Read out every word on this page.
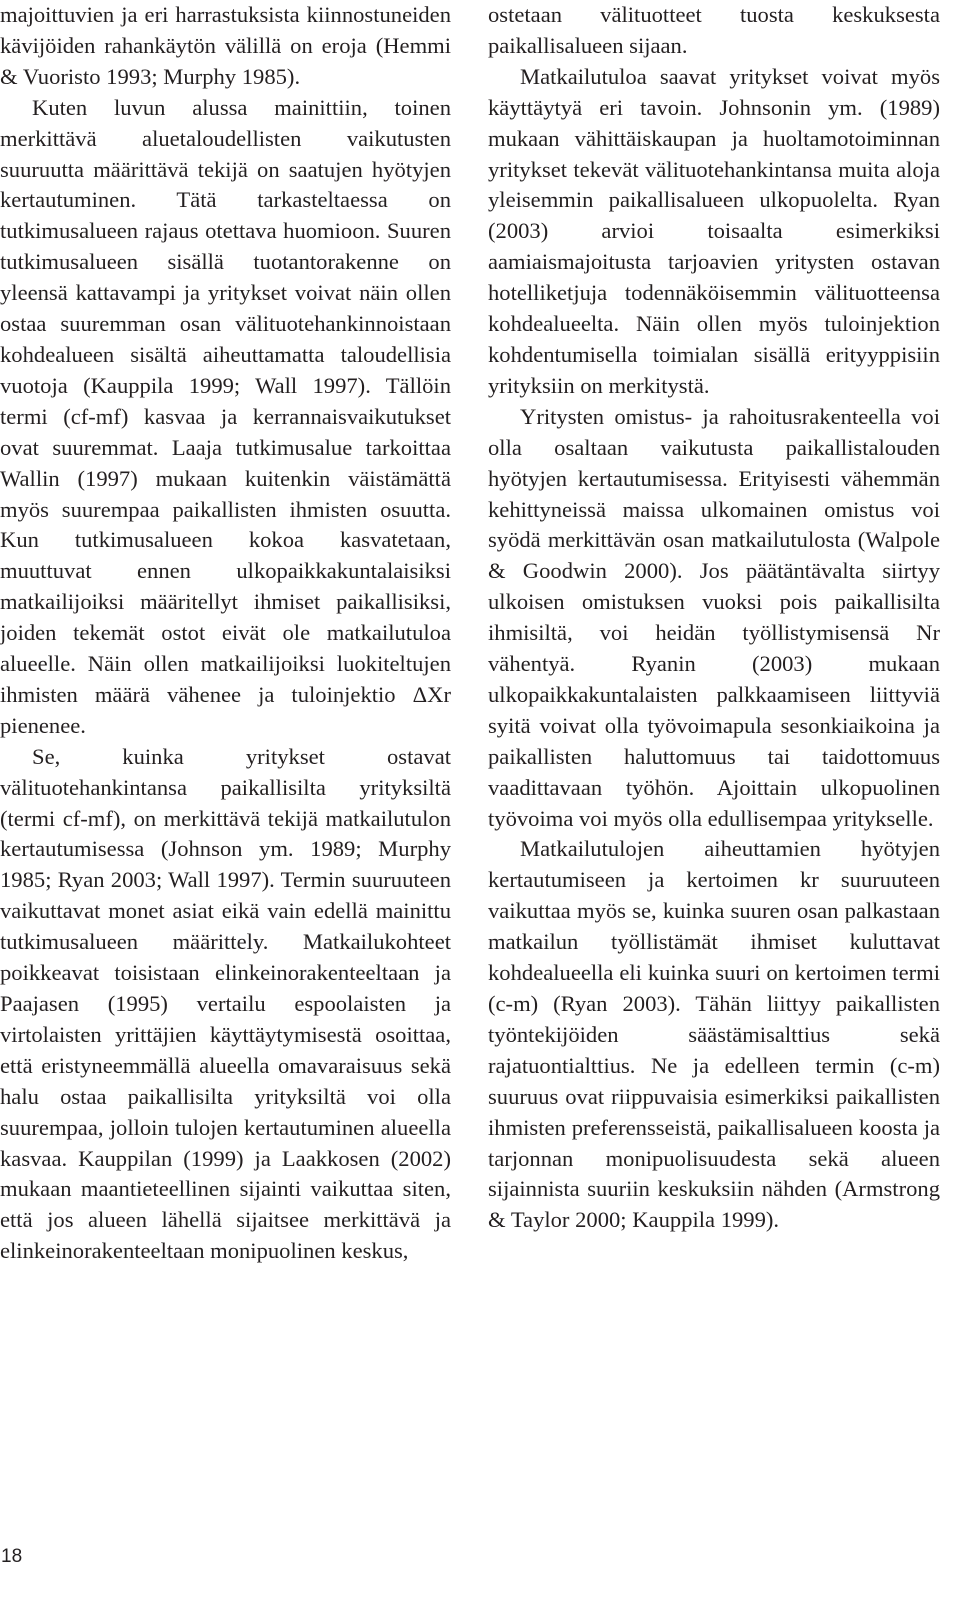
majoittuvien ja eri harrastuksista kiinnostuneiden kävijöiden rahankäytön välillä on eroja (Hemmi & Vuoristo 1993; Murphy 1985).

Kuten luvun alussa mainittiin, toinen merkittävä aluetaloudellisten vaikutusten suuruutta määrittävä tekijä on saatujen hyötyjen kertautuminen. Tätä tarkasteltaessa on tutkimusalueen rajaus otettava huomioon. Suuren tutkimusalueen sisällä tuotantorakenne on yleensä kattavampi ja yritykset voivat näin ollen ostaa suuremman osan välituotehankinnoistaan kohdealueen sisältä aiheuttamatta taloudellisia vuotoja (Kauppila 1999; Wall 1997). Tällöin termi (cf-mf) kasvaa ja kerrannaisvaikutukset ovat suuremmat. Laaja tutkimusalue tarkoittaa Wallin (1997) mukaan kuitenkin väistämättä myös suurempaa paikallisten ihmisten osuutta. Kun tutkimusalueen kokoa kasvatetaan, muuttuvat ennen ulkopaikkakuntalaisiksi matkailijoiksi määritellyt ihmiset paikallisiksi, joiden tekemät ostot eivät ole matkailutuloa alueelle. Näin ollen matkailijoiksi luokiteltujen ihmisten määrä vähenee ja tuloinjektio ΔXr pienenee.

Se, kuinka yritykset ostavat välituotehankintansa paikallisilta yrityksiltä (termi cf-mf), on merkittävä tekijä matkailutulon kertautumisessa (Johnson ym. 1989; Murphy 1985; Ryan 2003; Wall 1997). Termin suuruuteen vaikuttavat monet asiat eikä vain edellä mainittu tutkimusalueen määrittely. Matkailukohteet poikkeavat toisistaan elinkeinorakenteeltaan ja Paajasen (1995) vertailu espoolaisten ja virtolaisten yrittäjien käyttäytymisestä osoittaa, että eristyneemmällä alueella omavaraisuus sekä halu ostaa paikallisilta yrityksiltä voi olla suurempaa, jolloin tulojen kertautuminen alueella kasvaa. Kauppilan (1999) ja Laakkosen (2002) mukaan maantieteellinen sijainti vaikuttaa siten, että jos alueen lähellä sijaitsee merkittävä ja elinkeinorakenteeltaan monipuolinen keskus,

ostetaan välituotteet tuosta keskuksesta paikallisalueen sijaan.

Matkailutuloa saavat yritykset voivat myös käyttäytyä eri tavoin. Johnsonin ym. (1989) mukaan vähittäiskaupan ja huoltamotoiminnan yritykset tekevät välituotehankintansa muita aloja yleisemmin paikallisalueen ulkopuolelta. Ryan (2003) arvioi toisaalta esimerkiksi aamiaismajoitusta tarjoavien yritysten ostavan hotelliketjuja todennäköisemmin välituotteensa kohdealueelta. Näin ollen myös tuloinjektion kohdentumisella toimialan sisällä erityyppisiin yrityksiin on merkitystä.

Yritysten omistus- ja rahoitusrakenteella voi olla osaltaan vaikutusta paikallistalouden hyötyjen kertautumisessa. Erityisesti vähemmän kehittyneissä maissa ulkomainen omistus voi syödä merkittävän osan matkailutulosta (Walpole & Goodwin 2000). Jos päätäntävalta siirtyy ulkoisen omistuksen vuoksi pois paikallisilta ihmisiltä, voi heidän työllistymisensä Nr vähentyä. Ryanin (2003) mukaan ulkopaikkakuntalaisten palkkaamiseen liittyviä syitä voivat olla työvoimapula sesonkiaikoina ja paikallisten haluttomuus tai taidottomuus vaadittavaan työhön. Ajoittain ulkopuolinen työvoima voi myös olla edullisempaa yritykselle.

Matkailutulojen aiheuttamien hyötyjen kertautumiseen ja kertoimen kr suuruuteen vaikuttaa myös se, kuinka suuren osan palkastaan matkailun työllistämät ihmiset kuluttavat kohdealueella eli kuinka suuri on kertoimen termi (c-m) (Ryan 2003). Tähän liittyy paikallisten työntekijöiden säästämisalttius sekä rajatuontialttius. Ne ja edelleen termin (c-m) suuruus ovat riippuvaisia esimerkiksi paikallisten ihmisten preferensseistä, paikallisalueen koosta ja tarjonnan monipuolisuudesta sekä alueen sijainnista suuriin keskuksiin nähden (Armstrong & Taylor 2000; Kauppila 1999).

18
